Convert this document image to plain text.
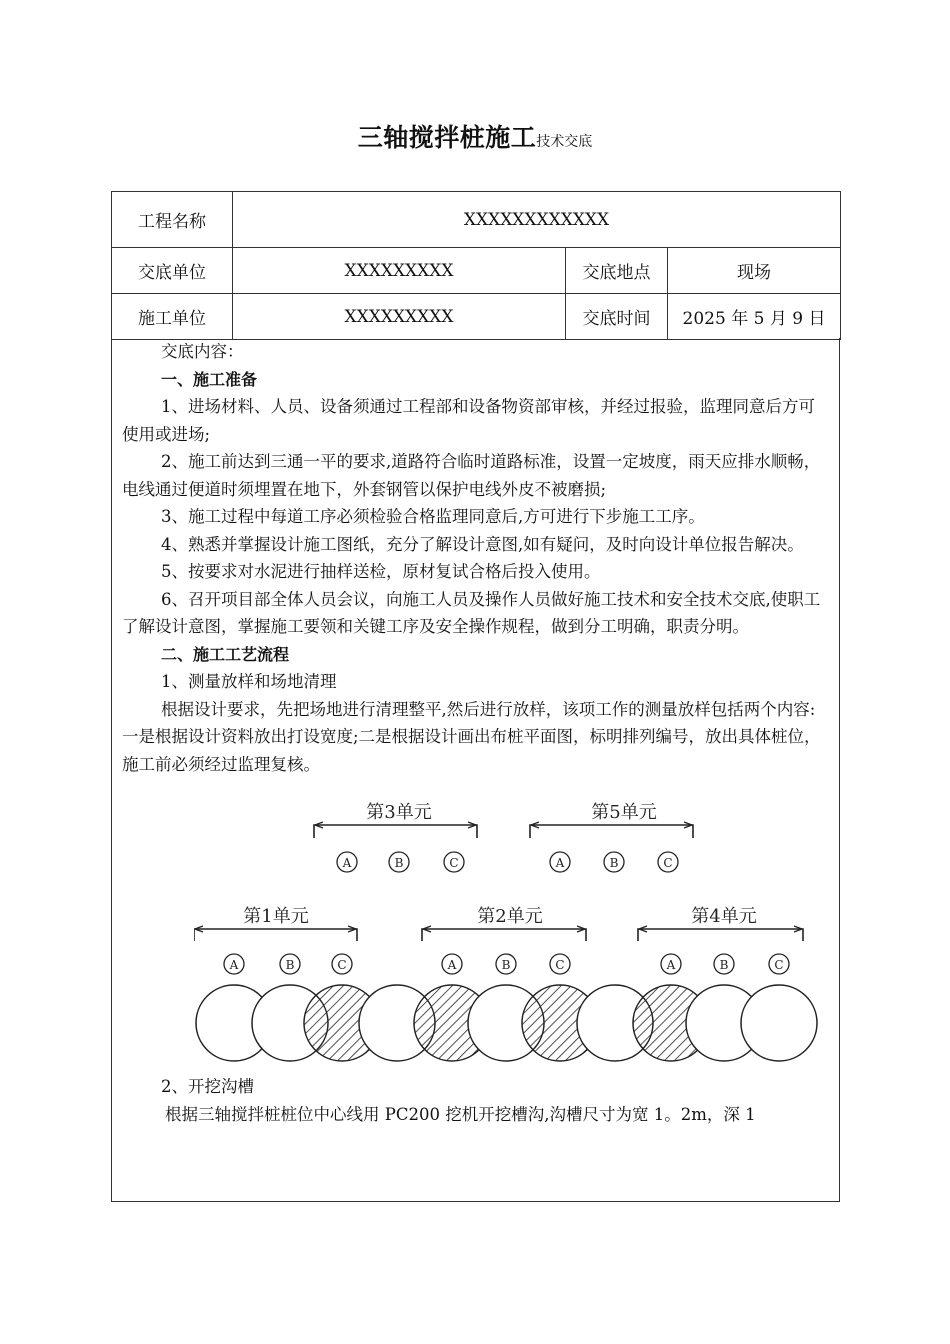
三轴搅拌桩施工技术交底
工程名称	XXXXXXXXXXXX		
交底单位	XXXXXXXXX	交底地点	现场
施工单位	XXXXXXXXX	交底时间	2025 年 5 月 9 日

交底内容：

一、施工准备

1、进场材料、人员、设备须通过工程部和设备物资部审核，并经过报验，监理同意后方可使用或进场;

2、施工前达到三通一平的要求,道路符合临时道路标准，设置一定坡度，雨天应排水顺畅，电线通过便道时须埋置在地下，外套钢管以保护电线外皮不被磨损;

3、施工过程中每道工序必须检验合格监理同意后,方可进行下步施工工序。

4、熟悉并掌握设计施工图纸，充分了解设计意图,如有疑问，及时向设计单位报告解决。

5、按要求对水泥进行抽样送检，原材复试合格后投入使用。

6、召开项目部全体人员会议，向施工人员及操作人员做好施工技术和安全技术交底,使职工了解设计意图，掌握施工要领和关键工序及安全操作规程，做到分工明确，职责分明。

二、施工工艺流程

1、测量放样和场地清理

根据设计要求，先把场地进行清理整平,然后进行放样，该项工作的测量放样包括两个内容:一是根据设计资料放出打设宽度;二是根据设计画出布桩平面图，标明排列编号，放出具体桩位，施工前必须经过监理复核。

第3单元
A	B	C
第5单元
A	B	C
第1单元
A	B	C
第2单元
A	B	C
第4单元
A	B	C

2、开挖沟槽

根据三轴搅拌桩桩位中心线用 PC200 挖机开挖槽沟,沟槽尺寸为宽 1。2m，深 1
